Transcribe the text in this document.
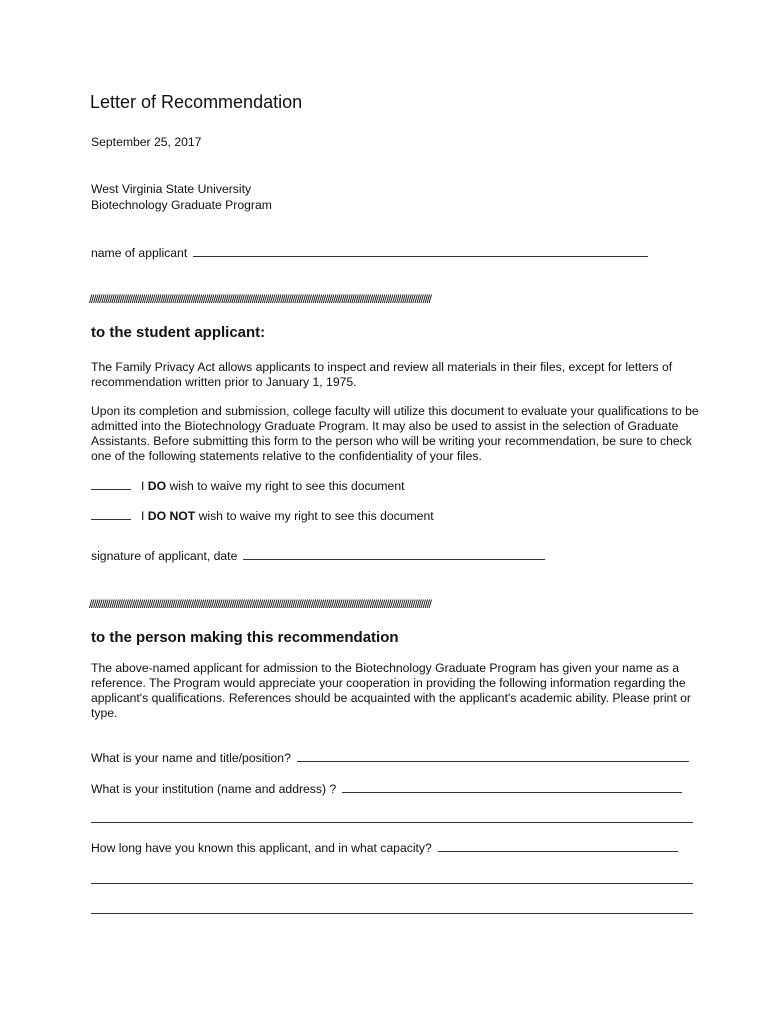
Letter of Recommendation

September 25, 2017

West Virginia State University

Biotechnology Graduate Program

name of applicant
////////////////////////////////////////////////////////////////////////////////////////////////////////////////////////////////////////////////////////////////////////

to the student applicant:

The Family Privacy Act allows applicants to inspect and review all materials in their files, except for letters of
recommendation written prior to January 1, 1975.
Upon its completion and submission, college faculty will utilize this document to evaluate your qualifications to be
admitted into the Biotechnology Graduate Program. It may also be used to assist in the selection of Graduate
Assistants. Before submitting this form to the person who will be writing your recommendation, be sure to check
one of the following statements relative to the confidentiality of your files.
I DO wish to waive my right to see this document
I DO NOT wish to waive my right to see this document
signature of applicant, date
////////////////////////////////////////////////////////////////////////////////////////////////////////////////////////////////////////////////////////////////////////

to the person making this recommendation

The above-named applicant for admission to the Biotechnology Graduate Program has given your name as a
reference. The Program would appreciate your cooperation in providing the following information regarding the
applicant's qualifications. References should be acquainted with the applicant's academic ability. Please print or
type.
What is your name and title/position?
What is your institution (name and address) ?
How long have you known this applicant, and in what capacity?
